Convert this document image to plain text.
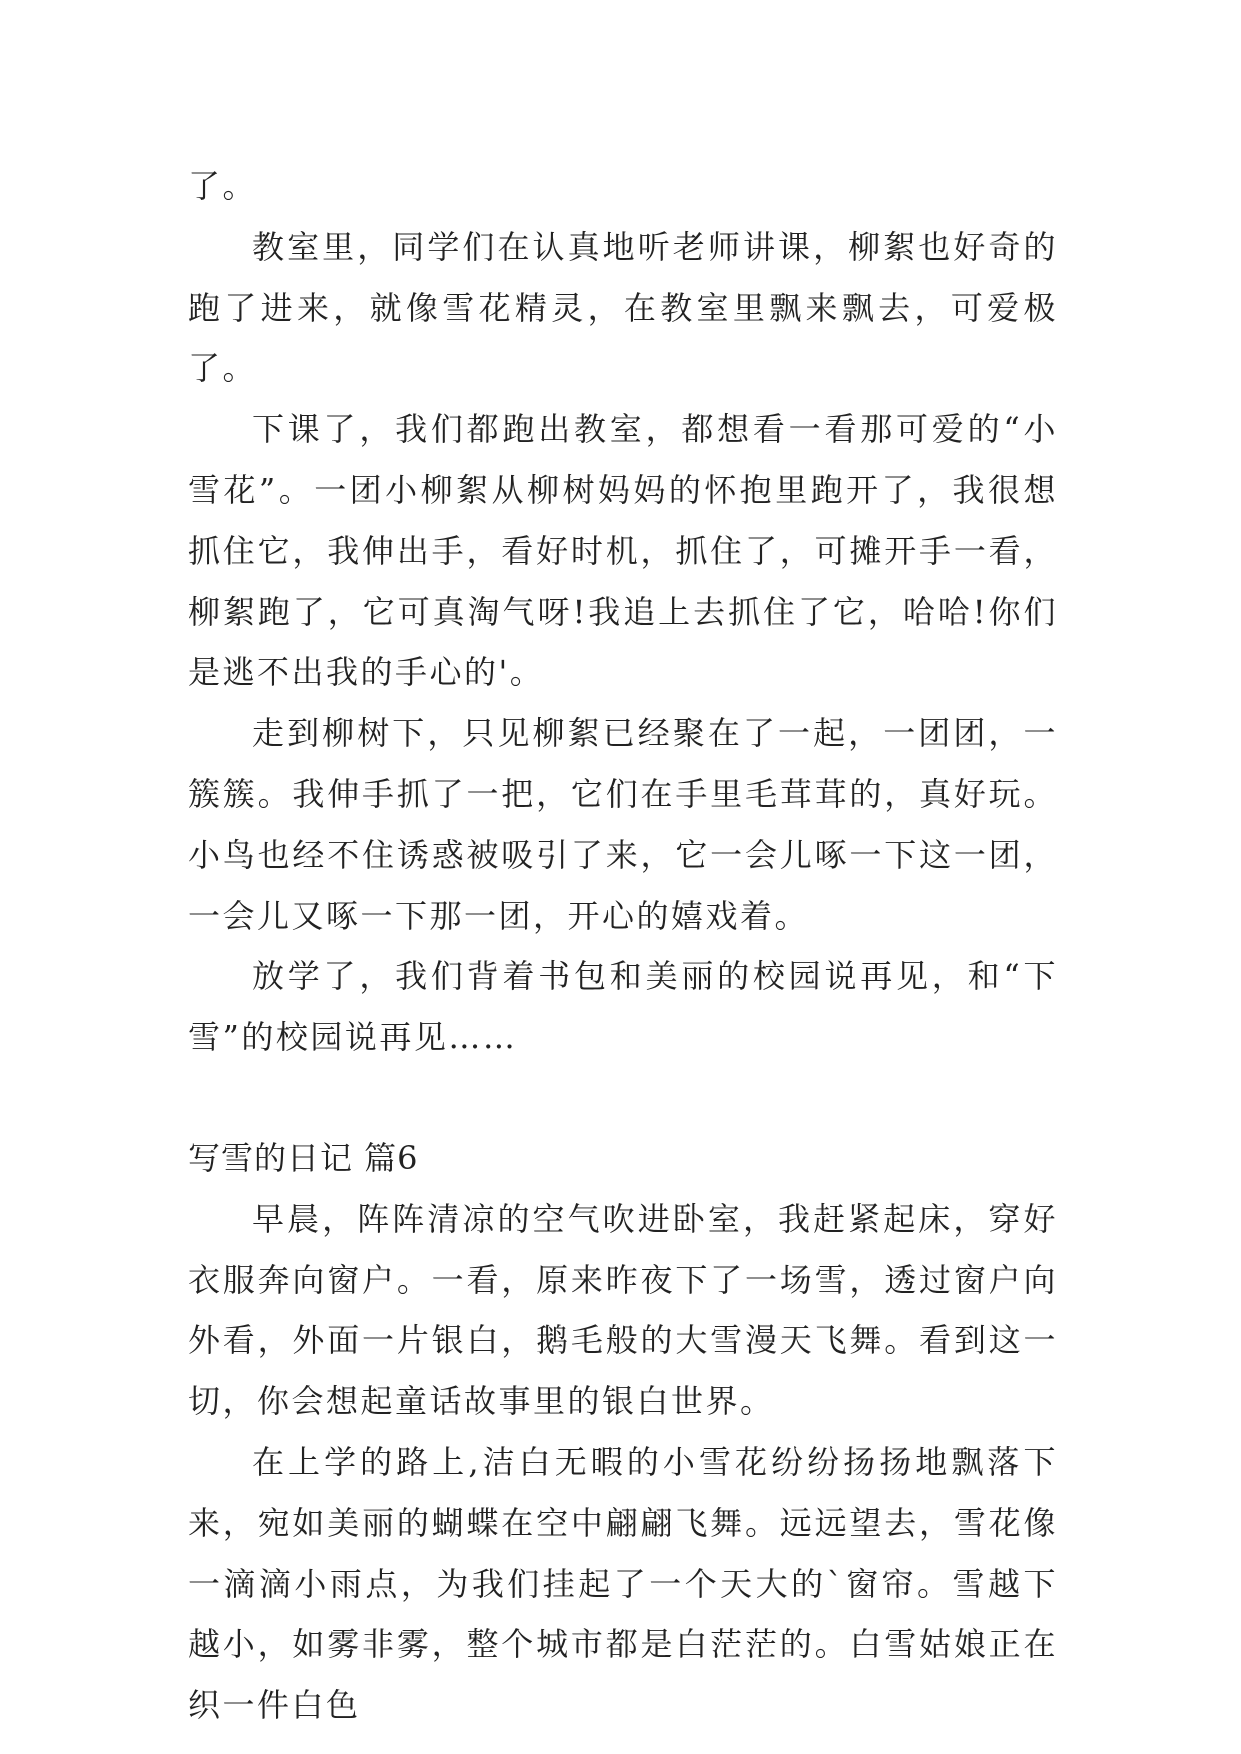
了。

教室里，同学们在认真地听老师讲课，柳絮也好奇的跑了进来，就像雪花精灵，在教室里飘来飘去，可爱极了。

下课了，我们都跑出教室，都想看一看那可爱的“小雪花”。一团小柳絮从柳树妈妈的怀抱里跑开了，我很想抓住它，我伸出手，看好时机，抓住了，可摊开手一看，柳絮跑了，它可真淘气呀!我追上去抓住了它，哈哈!你们是逃不出我的手心的'。

走到柳树下，只见柳絮已经聚在了一起，一团团，一簇簇。我伸手抓了一把，它们在手里毛茸茸的，真好玩。小鸟也经不住诱惑被吸引了来，它一会儿啄一下这一团，一会儿又啄一下那一团，开心的嬉戏着。

放学了，我们背着书包和美丽的校园说再见，和“下雪”的校园说再见……

写雪的日记 篇6

早晨，阵阵清凉的空气吹进卧室，我赶紧起床，穿好衣服奔向窗户。一看，原来昨夜下了一场雪，透过窗户向外看，外面一片银白，鹅毛般的大雪漫天飞舞。看到这一切，你会想起童话故事里的银白世界。

在上学的路上,洁白无暇的小雪花纷纷扬扬地飘落下来，宛如美丽的蝴蝶在空中翩翩飞舞。远远望去，雪花像一滴滴小雨点，为我们挂起了一个天大的`窗帘。雪越下越小，如雾非雾，整个城市都是白茫茫的。白雪姑娘正在织一件白色
